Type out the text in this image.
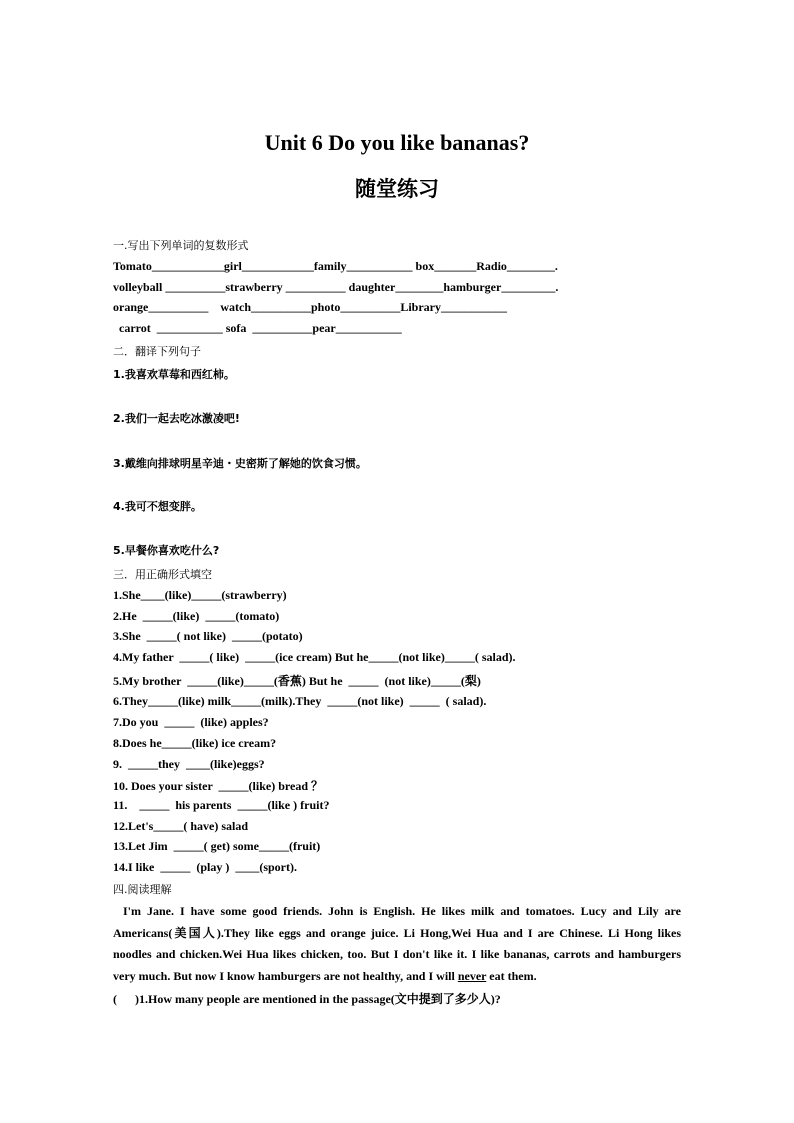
Unit 6 Do you like bananas?
随堂练习
一.写出下列单词的复数形式
Tomato____________girl____________family___________ box_______Radio________.
volleyball __________strawberry __________ daughter________hamburger_________.
orange__________    watch__________photo__________Library___________
carrot  ___________ sofa  __________pear___________
二．翻译下列句子
1.我喜欢草莓和西红柿。
2.我们一起去吃冰激凌吧!
3.戴维向排球明星辛迪・史密斯了解她的饮食习惯。
4.我可不想变胖。
5.早餐你喜欢吃什么?
三．用正确形式填空
1.She____(like)_____(strawberry)
2.He  _____(like)  _____(tomato)
3.She  _____( not like)  _____(potato)
4.My father  _____( like)  _____(ice cream) But he_____(not like)_____( salad).
5.My brother  _____(like)_____(香蕉) But he  _____  (not like)_____(梨)
6.They_____(like) milk_____(milk).They  _____(not like)  _____  ( salad).
7.Do you  _____  (like) apples?
8.Does he_____(like) ice cream?
9.  _____they  ____(like)eggs?
10. Does your sister  _____(like) bread ？
11.    _____  his parents  _____(like ) fruit?
12.Let's_____( have) salad
13.Let Jim  _____( get) some_____(fruit)
14.I like  _____  (play )  ____(sport).
四.阅读理解
I'm Jane. I have some good friends. John is English. He likes milk and tomatoes. Lucy and Lily are Americans(美国人).They like eggs and orange juice. Li Hong,Wei Hua and I are Chinese. Li Hong likes noodles and chicken.Wei Hua likes chicken, too. But I don't like it. I like bananas, carrots and hamburgers very much. But now I know hamburgers are not healthy, and I will never eat them.
(      )1.How many people are mentioned in the passage(文中提到了多少人)?
